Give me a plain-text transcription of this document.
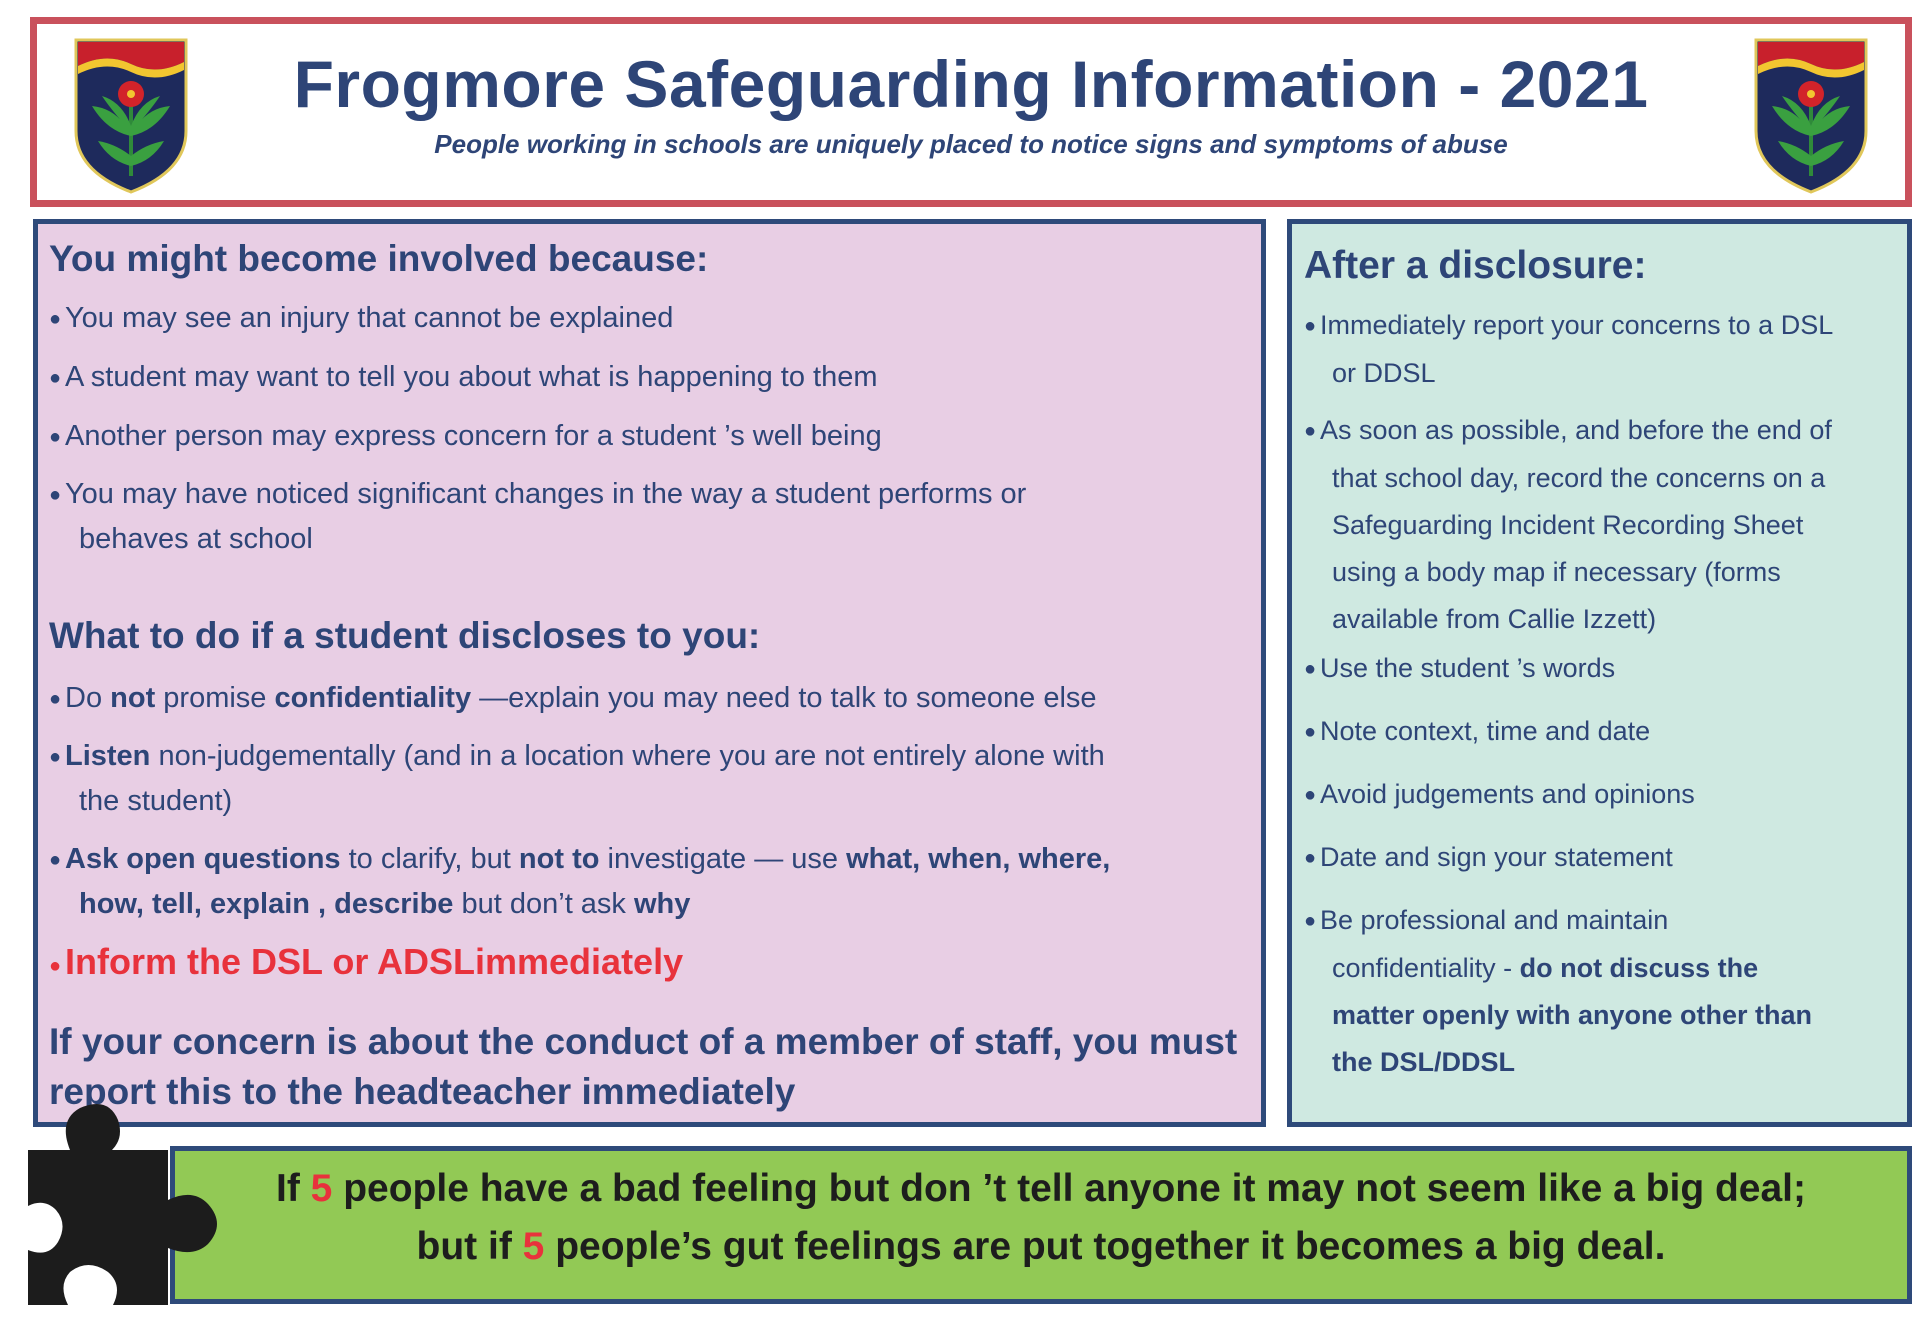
Frogmore Safeguarding Information - 2021
People working in schools are uniquely placed to notice signs and symptoms of abuse
You might become involved because:
● You may see an injury that cannot be explained
● A student may want to tell you about what is happening to them
● Another person may express concern for a student ’s well being
● You may have noticed significant changes in the way a student performs or
behaves at school
What to do if a student discloses to you:
● Do not promise confidentiality —explain you may need to talk to someone else
● Listen non-judgementally (and in a location where you are not entirely alone with
the student)
● Ask open questions to clarify, but not to investigate — use what, when, where,
how, tell, explain , describe but don’t ask why
● Inform the DSL or ADSLimmediately
If your concern is about the conduct of a member of staff, you must
report this to the headteacher immediately
After a disclosure:
● Immediately report your concerns to a DSL
or DDSL
● As soon as possible, and before the end of
that school day, record the concerns on a
Safeguarding Incident Recording Sheet
using a body map if necessary (forms
available from Callie Izzett)
● Use the student ’s words
● Note context, time and date
● Avoid judgements and opinions
● Date and sign your statement
● Be professional and maintain
confidentiality - do not discuss the
matter openly with anyone other than
the DSL/DDSL
If 5 people have a bad feeling but don ’t tell anyone it may not seem like a big deal;
but if 5 people’s gut feelings are put together it becomes a big deal.
